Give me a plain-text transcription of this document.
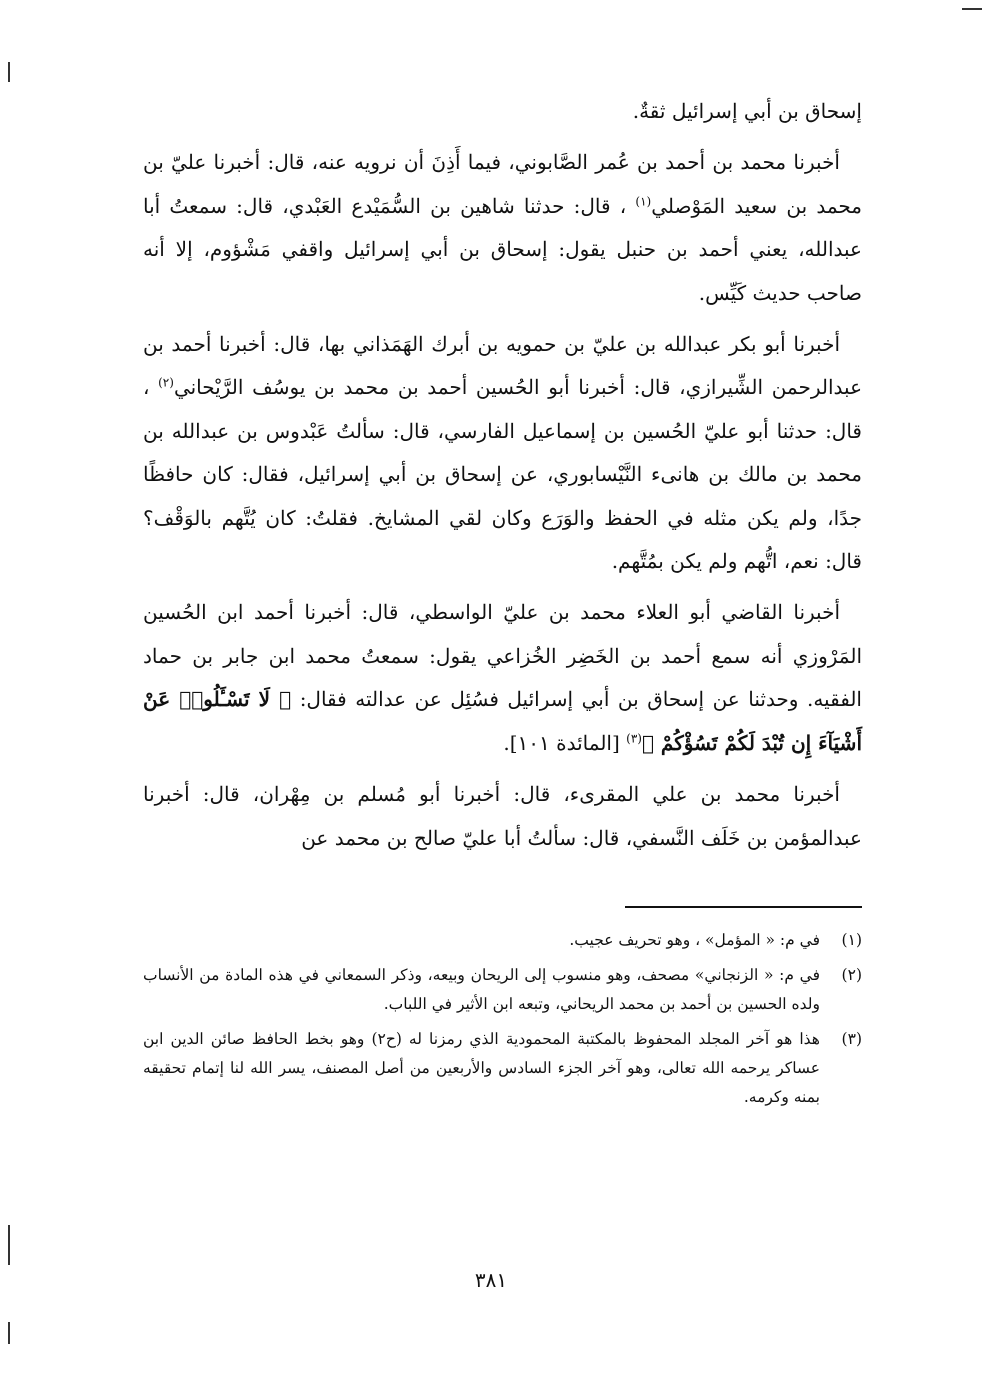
إسحاق بن أبي إسرائيل ثقةٌ.

أخبرنا محمد بن أحمد بن عُمر الصَّابوني، فيما أَذِنَ أن نرويه عنه، قال: أخبرنا عليّ بن محمد بن سعيد المَوْصلي$^{(١)}$ ، قال: حدثنا شاهين بن السُّمَيْدع العَبْدي، قال: سمعتُ أبا عبدالله، يعني أحمد بن حنبل يقول: إسحاق بن أبي إسرائيل واقفي مَشْؤوم، إلا أنه صاحب حديث كَيِّس.

أخبرنا أبو بكر عبدالله بن عليّ بن حمويه بن أبرك الهَمَذاني بها، قال: أخبرنا أحمد بن عبدالرحمن الشِّيرازي، قال: أخبرنا أبو الحُسين أحمد بن محمد بن يوسُف الرَّيْحاني$^{(٢)}$ ، قال: حدثنا أبو عليّ الحُسين بن إسماعيل الفارسي، قال: سألتُ عَبْدوس بن عبدالله بن محمد بن مالك بن هانىء النَّيْسابوري، عن إسحاق بن أبي إسرائيل، فقال: كان حافظًا جدًا، ولم يكن مثله في الحفظ والوَرَع وكان لقي المشايخ. فقلتُ: كان يُتَّهم بالوَقْف؟ قال: نعم، اتُّهم ولم يكن بمُتَّهم.

أخبرنا القاضي أبو العلاء محمد بن عليّ الواسطي، قال: أخبرنا أحمد ابن الحُسين المَرْوزي أنه سمع أحمد بن الخَضِر الخُزاعي يقول: سمعتُ محمد ابن جابر بن حماد الفقيه. وحدثنا عن إسحاق بن أبي إسرائيل فسُئِل عن عدالته فقال: ﴿ لَا تَسْـَٔلُوا۟ عَنْ أَشْيَآءَ إِن تُبْدَ لَكُمْ تَسُؤْكُمْ ﴾$^{(٣)}$ [المائدة ١٠١].

أخبرنا محمد بن علي المقرىء، قال: أخبرنا أبو مُسلم بن مِهْران، قال: أخبرنا عبدالمؤمن بن خَلَف النَّسفي، قال: سألتُ أبا عليّ صالح بن محمد عن

(١)
في م: « المؤمل» ، وهو تحريف عجيب.
(٢)
في م: « الزنجاني» مصحف، وهو منسوب إلى الريحان وبيعه، وذكر السمعاني في هذه المادة من الأنساب ولده الحسين بن أحمد بن محمد الريحاني، وتبعه ابن الأثير في اللباب.
(٣)
هذا هو آخر المجلد المحفوظ بالمكتبة المحمودية الذي رمزنا له (ح٢) وهو بخط الحافظ صائن الدين ابن عساكر يرحمه الله تعالى، وهو آخر الجزء السادس والأربعين من أصل المصنف، يسر الله لنا إتمام تحقيقه بمنه وكرمه.
٣٨١
